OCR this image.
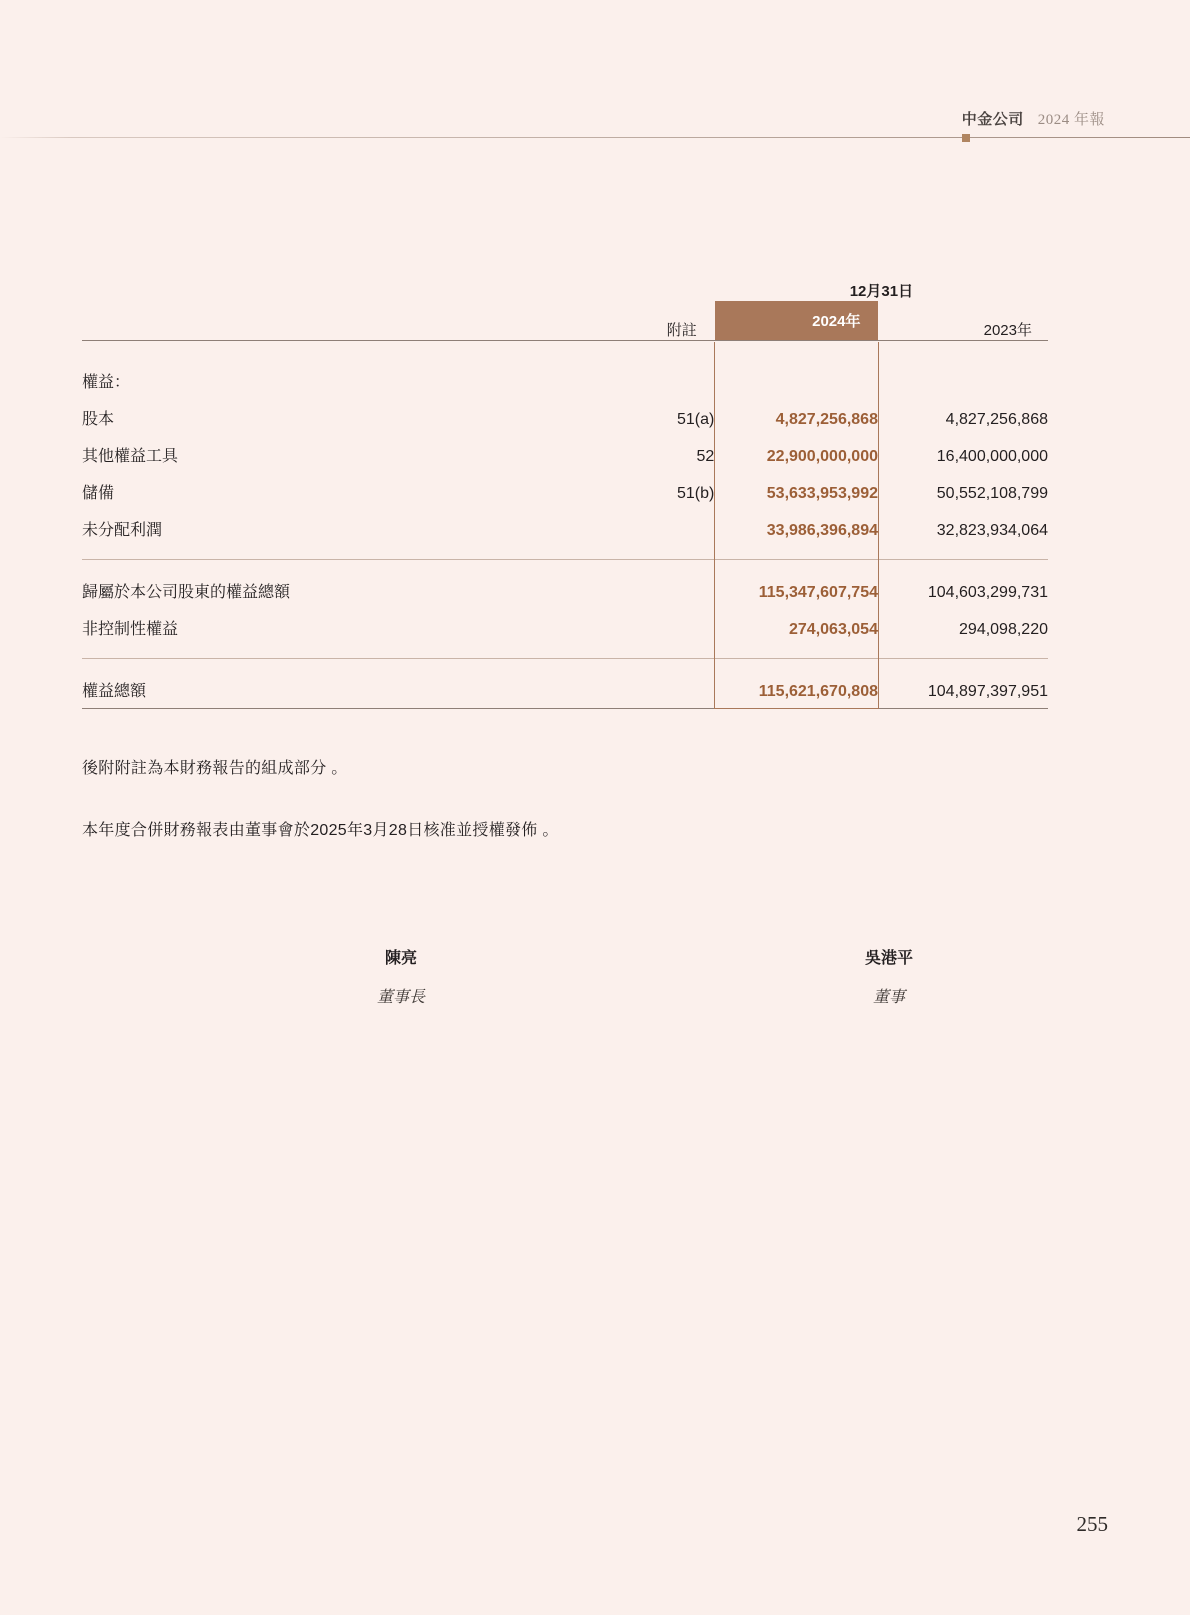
中金公司 2024 年報
		12月31日	
	附註	2024年	2023年

權益：			
股本	51(a)	4,827,256,868	4,827,256,868
其他權益工具	52	22,900,000,000	16,400,000,000
儲備	51(b)	53,633,953,992	50,552,108,799
未分配利潤		33,986,396,894	32,823,934,064

歸屬於本公司股東的權益總額		115,347,607,754	104,603,299,731
非控制性權益		274,063,054	294,098,220

權益總額		115,621,670,808	104,897,397,951

後附附註為本財務報告的組成部分 。
本年度合併財務報表由董事會於2025年3月28日核准並授權發佈 。
陳亮
董事長
吳港平
董事
255
